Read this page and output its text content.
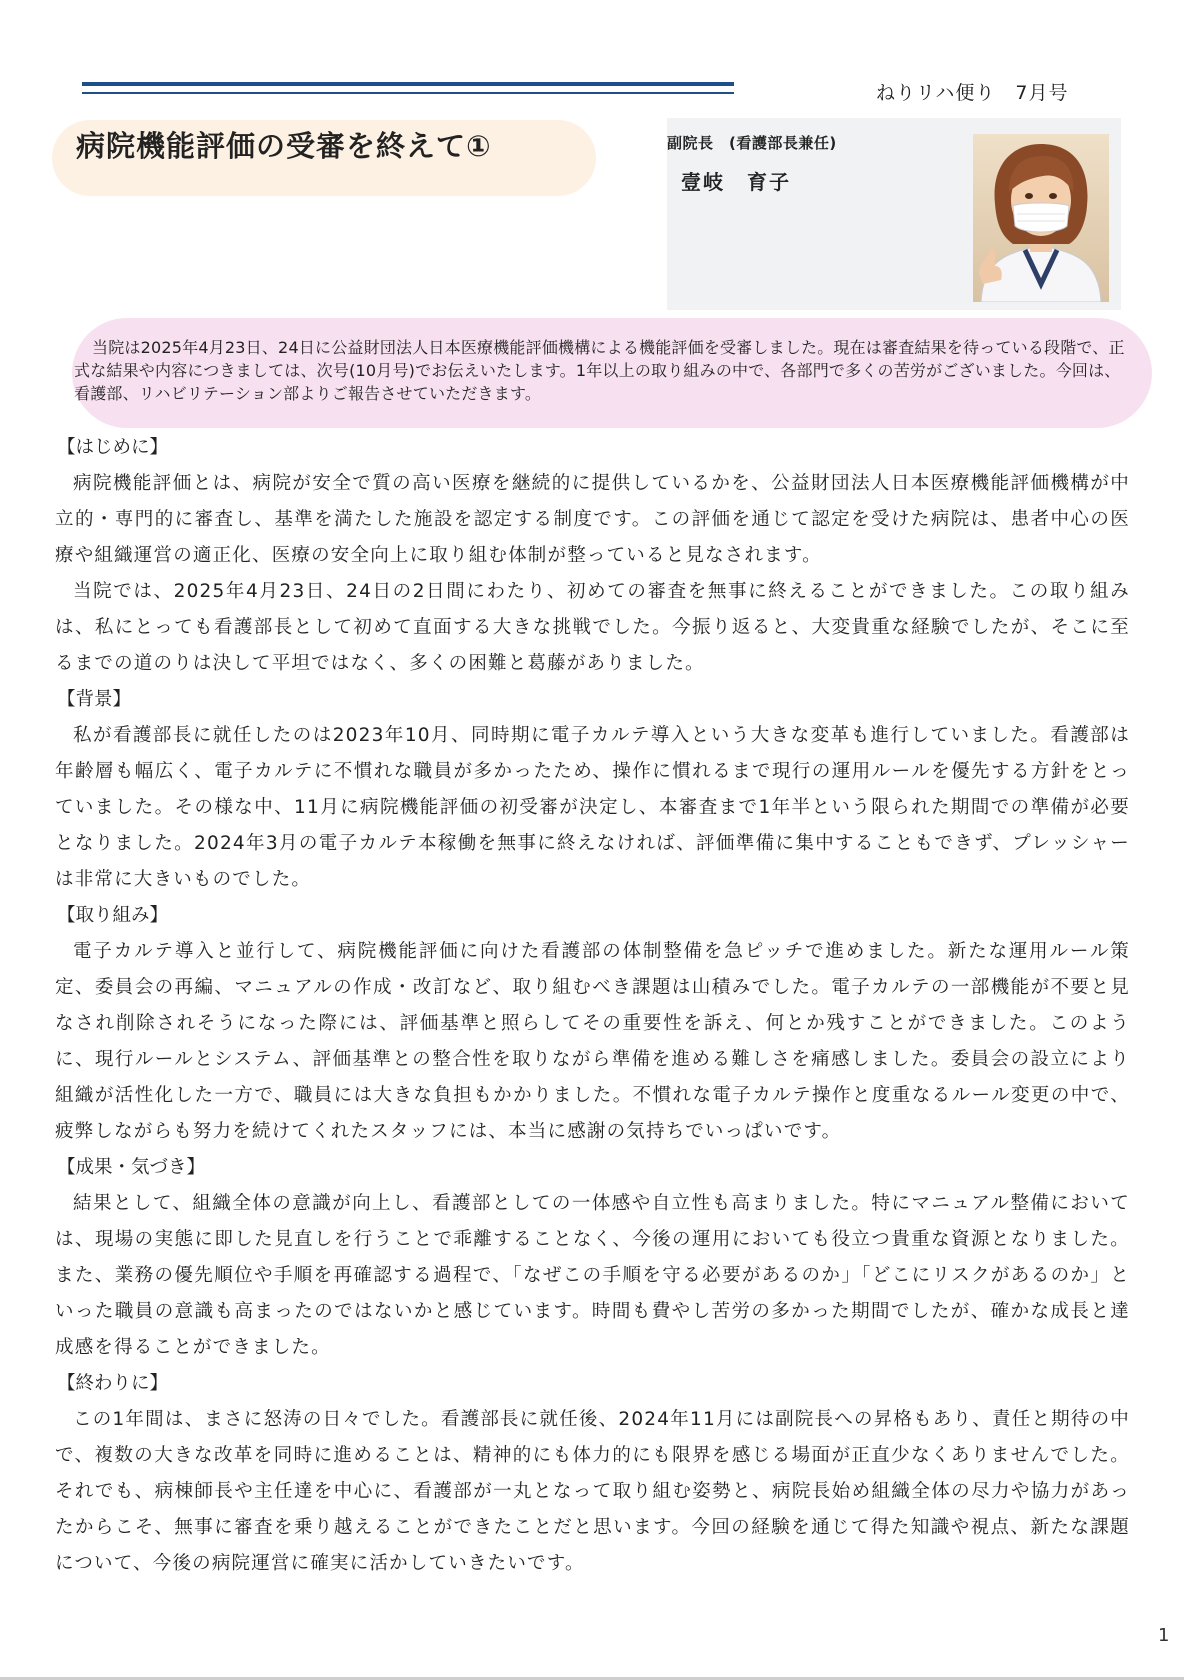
ねりリハ便り　7月号
病院機能評価の受審を終えて①	副院長　(看護部長兼任)
壹岐　育子

当院は2025年4月23日、24日に公益財団法人日本医療機能評価機構による機能評価を受審しました。現在は審査結果を待っている段階で、正式な結果や内容につきましては、次号(10月号)でお伝えいたします。1年以上の取り組みの中で、各部門で多くの苦労がございました。今回は、看護部、リハビリテーション部よりご報告させていただきます。

【はじめに】

病院機能評価とは、病院が安全で質の高い医療を継続的に提供しているかを、公益財団法人日本医療機能評価機構が中立的・専門的に審査し、基準を満たした施設を認定する制度です。この評価を通じて認定を受けた病院は、患者中心の医療や組織運営の適正化、医療の安全向上に取り組む体制が整っていると見なされます。

当院では、2025年4月23日、24日の2日間にわたり、初めての審査を無事に終えることができました。この取り組みは、私にとっても看護部長として初めて直面する大きな挑戦でした。今振り返ると、大変貴重な経験でしたが、そこに至るまでの道のりは決して平坦ではなく、多くの困難と葛藤がありました。

【背景】

私が看護部長に就任したのは2023年10月、同時期に電子カルテ導入という大きな変革も進行していました。看護部は年齢層も幅広く、電子カルテに不慣れな職員が多かったため、操作に慣れるまで現行の運用ルールを優先する方針をとっていました。その様な中、11月に病院機能評価の初受審が決定し、本審査まで1年半という限られた期間での準備が必要となりました。2024年3月の電子カルテ本稼働を無事に終えなければ、評価準備に集中することもできず、プレッシャーは非常に大きいものでした。

【取り組み】

電子カルテ導入と並行して、病院機能評価に向けた看護部の体制整備を急ピッチで進めました。新たな運用ルール策定、委員会の再編、マニュアルの作成・改訂など、取り組むべき課題は山積みでした。電子カルテの一部機能が不要と見なされ削除されそうになった際には、評価基準と照らしてその重要性を訴え、何とか残すことができました。このように、現行ルールとシステム、評価基準との整合性を取りながら準備を進める難しさを痛感しました。委員会の設立により組織が活性化した一方で、職員には大きな負担もかかりました。不慣れな電子カルテ操作と度重なるルール変更の中で、疲弊しながらも努力を続けてくれたスタッフには、本当に感謝の気持ちでいっぱいです。

【成果・気づき】

結果として、組織全体の意識が向上し、看護部としての一体感や自立性も高まりました。特にマニュアル整備においては、現場の実態に即した見直しを行うことで乖離することなく、今後の運用においても役立つ貴重な資源となりました。また、業務の優先順位や手順を再確認する過程で、「なぜこの手順を守る必要があるのか」「どこにリスクがあるのか」といった職員の意識も高まったのではないかと感じています。時間も費やし苦労の多かった期間でしたが、確かな成長と達成感を得ることができました。

【終わりに】

この1年間は、まさに怒涛の日々でした。看護部長に就任後、2024年11月には副院長への昇格もあり、責任と期待の中で、複数の大きな改革を同時に進めることは、精神的にも体力的にも限界を感じる場面が正直少なくありませんでした。それでも、病棟師長や主任達を中心に、看護部が一丸となって取り組む姿勢と、病院長始め組織全体の尽力や協力があったからこそ、無事に審査を乗り越えることができたことだと思います。今回の経験を通じて得た知識や視点、新たな課題について、今後の病院運営に確実に活かしていきたいです。

1
